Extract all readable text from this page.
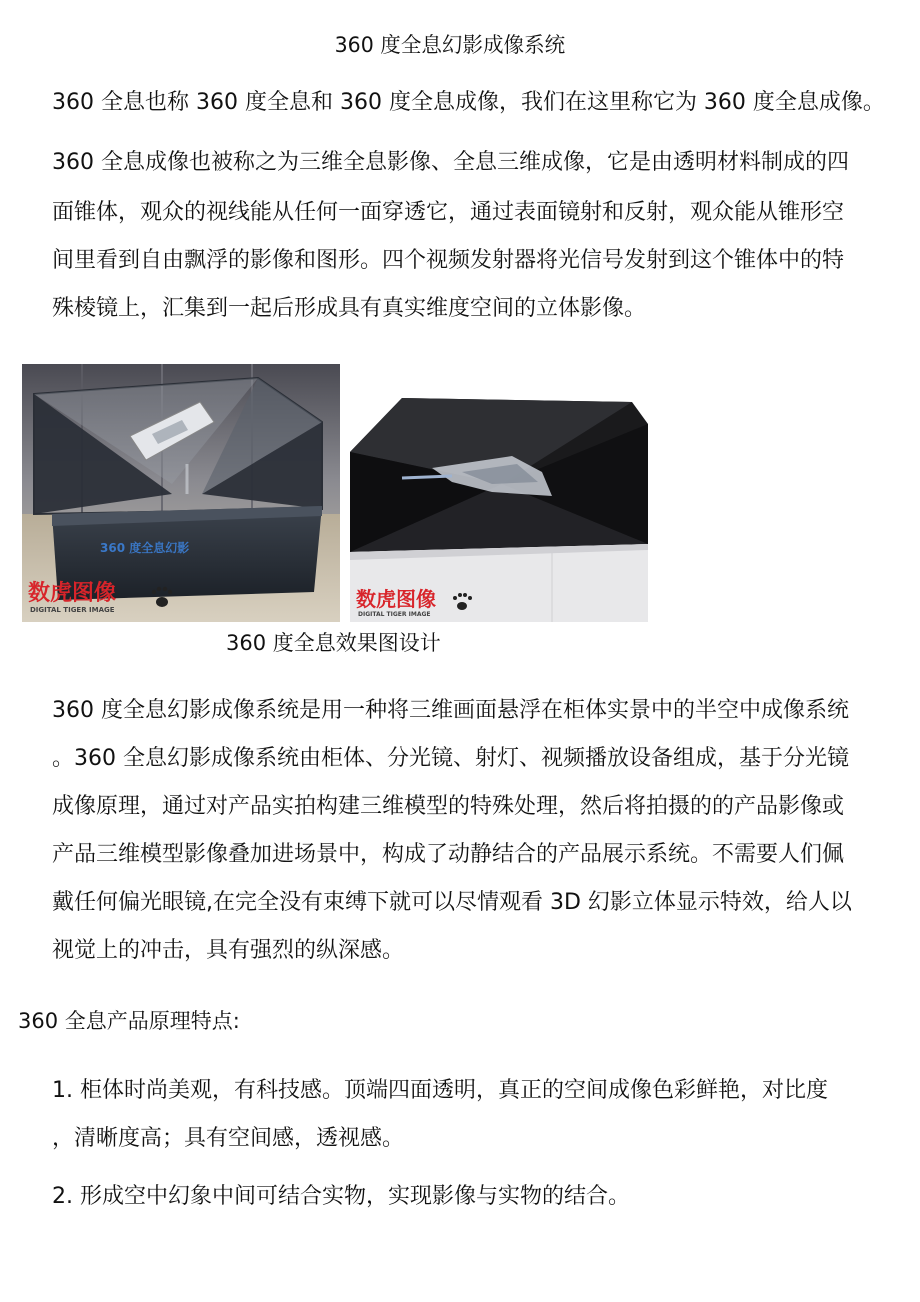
360 度全息幻影成像系统
360 全息也称 360 度全息和 360 度全息成像，我们在这里称它为 360 度全息成像。
360 全息成像也被称之为三维全息影像、全息三维成像，它是由透明材料制成的四
面锥体，观众的视线能从任何一面穿透它，通过表面镜射和反射，观众能从锥形空
间里看到自由飘浮的影像和图形。四个视频发射器将光信号发射到这个锥体中的特
殊棱镜上，汇集到一起后形成具有真实维度空间的立体影像。
360 度全息幻影
数虎图像
DIGITAL TIGER IMAGE	数虎图像
DIGITAL TIGER IMAGE
360 度全息效果图设计
360 度全息幻影成像系统是用一种将三维画面悬浮在柜体实景中的半空中成像系统
。360 全息幻影成像系统由柜体、分光镜、射灯、视频播放设备组成，基于分光镜
成像原理，通过对产品实拍构建三维模型的特殊处理，然后将拍摄的的产品影像或
产品三维模型影像叠加进场景中，构成了动静结合的产品展示系统。不需要人们佩
戴任何偏光眼镜,在完全没有束缚下就可以尽情观看 3D 幻影立体显示特效，给人以
视觉上的冲击，具有强烈的纵深感。
360 全息产品原理特点:
1. 柜体时尚美观，有科技感。顶端四面透明，真正的空间成像色彩鲜艳，对比度
，清晰度高；具有空间感，透视感。
2. 形成空中幻象中间可结合实物，实现影像与实物的结合。
